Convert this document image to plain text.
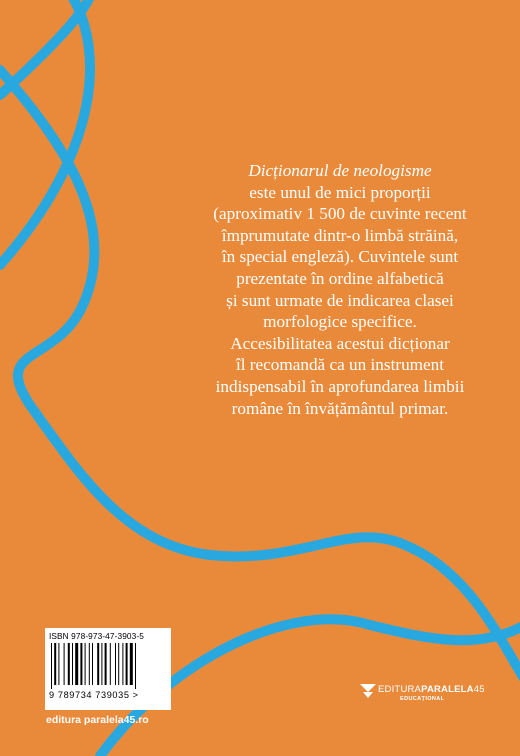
Dicționarul de neologisme
este unul de mici proporții
(aproximativ 1 500 de cuvinte recent
împrumutate dintr-o limbă străină,
în special engleză). Cuvintele sunt
prezentate în ordine alfabetică
și sunt urmate de indicarea clasei
morfologice specifice.
Accesibilitatea acestui dicționar
îl recomandă ca un instrument
indispensabil în aprofundarea limbii
române în învățământul primar.
ISBN 978-973-47-3903-5
9 789734 739035 >
editura paralela45.ro
EDITURAPARALELA45
EDUCAȚIONAL
